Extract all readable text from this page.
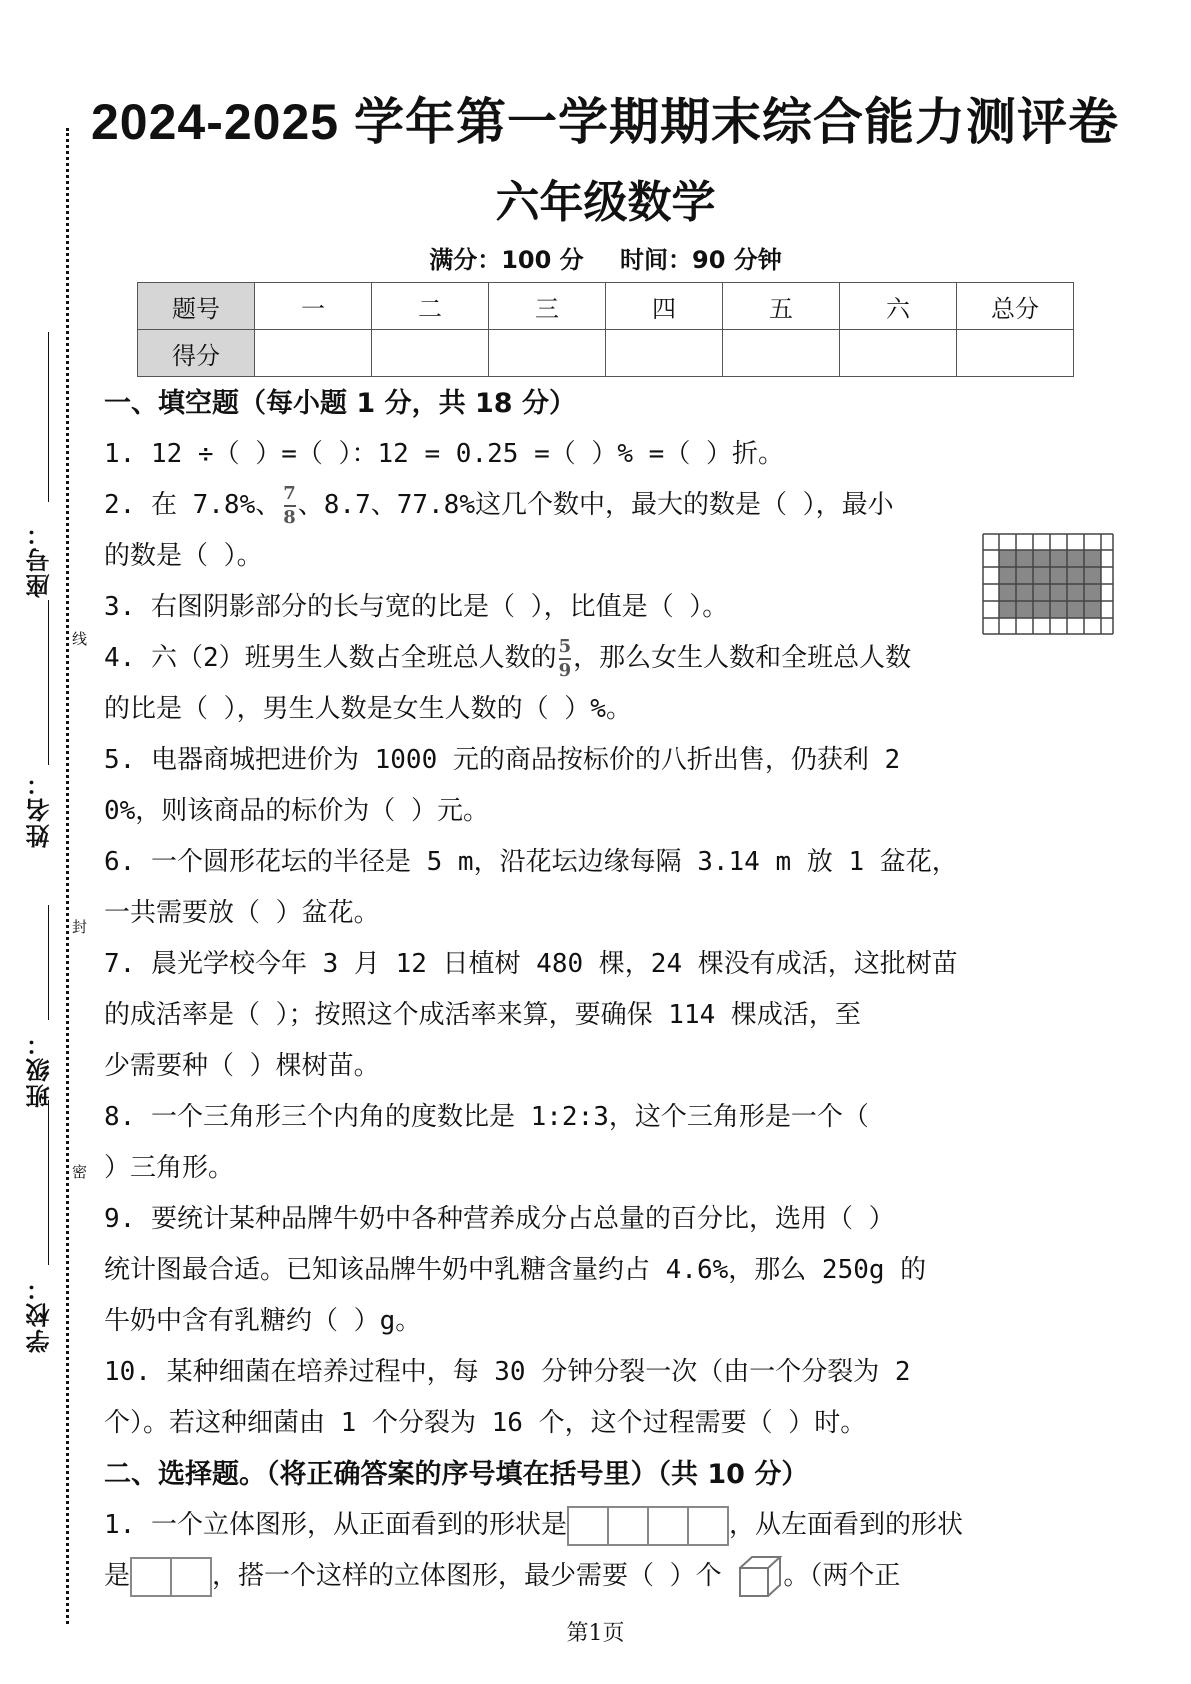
线
封
密
座号：
姓名：
班级：
学校：
2024-2025 学年第一学期期末综合能力测评卷
六年级数学
满分：100 分 时间：90 分钟
题号	一	二	三	四	五	六	总分
得分							
一、填空题（每小题 1 分，共 18 分）
1. 12 ÷（ ）=（ ）：12 = 0.25 =（ ）% =（ ）折。
2. 在 7.8%、 $\frac{7}{8}$、8.7、77.8%这几个数中，最大的数是（ ），最小
的数是（ ）。
3. 右图阴影部分的长与宽的比是（ ），比值是（ ）。
4. 六（2）班男生人数占全班总人数的 $\frac{5}{9}$，那么女生人数和全班总人数
的比是（ ），男生人数是女生人数的（ ）%。
5. 电器商城把进价为 1000 元的商品按标价的八折出售，仍获利 2
0%，则该商品的标价为（ ）元。
6. 一个圆形花坛的半径是 5 m，沿花坛边缘每隔 3.14 m 放 1 盆花，
一共需要放（ ）盆花。
7. 晨光学校今年 3 月 12 日植树 480 棵，24 棵没有成活，这批树苗
的成活率是（ ）；按照这个成活率来算，要确保 114 棵成活，至
少需要种（ ）棵树苗。
8. 一个三角形三个内角的度数比是 1:2:3，这个三角形是一个（
）三角形。
9. 要统计某种品牌牛奶中各种营养成分占总量的百分比，选用（ ）
统计图最合适。已知该品牌牛奶中乳糖含量约占 4.6%，那么 250g 的
牛奶中含有乳糖约（ ）g。
10. 某种细菌在培养过程中，每 30 分钟分裂一次（由一个分裂为 2
个）。若这种细菌由 1 个分裂为 16 个，这个过程需要（ ）时。
二、选择题。（将正确答案的序号填在括号里）（共 10 分）
1. 一个立体图形，从正面看到的形状是	，从左面看到的形状
是	，搭一个这样的立体图形，最少需要（ ）个 。（两个正
第1页
